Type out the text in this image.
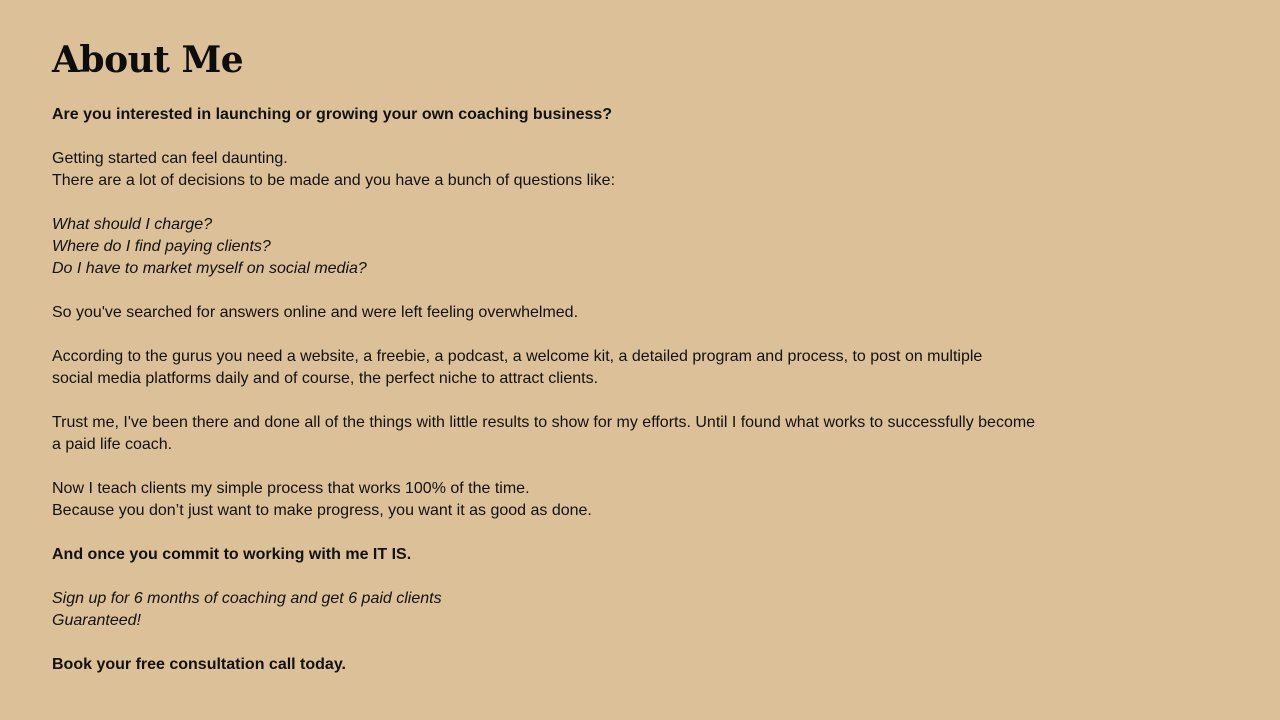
About Me

Are you interested in launching or growing your own coaching business?

Getting started can feel daunting.
There are a lot of decisions to be made and you have a bunch of questions like:

What should I charge?
Where do I find paying clients?
Do I have to market myself on social media?

So you've searched for answers online and were left feeling overwhelmed.

According to the gurus you need a website, a freebie, a podcast, a welcome kit, a detailed program and process, to post on multiple
social media platforms daily and of course, the perfect niche to attract clients.

Trust me, I've been there and done all of the things with little results to show for my efforts. Until I found what works to successfully become
a paid life coach.

Now I teach clients my simple process that works 100% of the time.
Because you don’t just want to make progress, you want it as good as done.

And once you commit to working with me IT IS.

Sign up for 6 months of coaching and get 6 paid clients
Guaranteed!

Book your free consultation call today.
